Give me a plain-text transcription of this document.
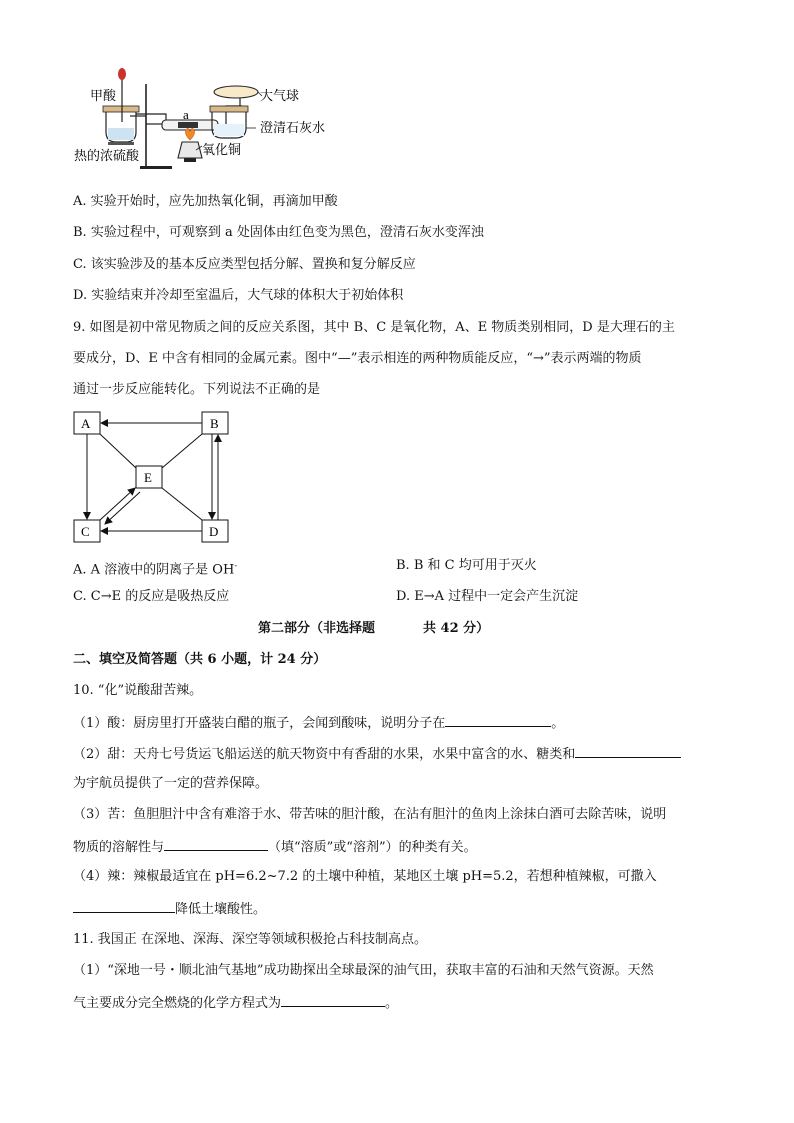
a
甲酸	大气球
澄清石灰水
热的浓硫酸	氧化铜
A. 实验开始时，应先加热氧化铜，再滴加甲酸
B. 实验过程中，可观察到 a 处固体由红色变为黑色，澄清石灰水变浑浊
C. 该实验涉及的基本反应类型包括分解、置换和复分解反应
D. 实验结束并冷却至室温后，大气球的体积大于初始体积
9. 如图是初中常见物质之间的反应关系图，其中 B、C 是氧化物，A、E 物质类别相同，D 是大理石的主
要成分，D、E 中含有相同的金属元素。图中“—”表示相连的两种物质能反应，“→”表示两端的物质
通过一步反应能转化。下列说法不正确的是
A	B
E
C	D
A. A 溶液中的阴离子是 OH-	B. B 和 C 均可用于灭火
C. C→E 的反应是吸热反应	D. E→A 过程中一定会产生沉淀
第二部分（非选择题	共 42 分）
二、填空及简答题（共 6 小题，计 24 分）
10. “化”说酸甜苦辣。
（1）酸：厨房里打开盛装白醋的瓶子，会闻到酸味，说明分子在	。
（2）甜：天舟七号货运飞船运送的航天物资中有香甜的水果，水果中富含的水、糖类和
为宇航员提供了一定的营养保障。
（3）苦：鱼胆胆汁中含有难溶于水、带苦味的胆汁酸，在沾有胆汁的鱼肉上涂抹白酒可去除苦味，说明
物质的溶解性与	（填“溶质”或“溶剂”）的种类有关。
（4）辣：辣椒最适宜在 pH=6.2~7.2 的土壤中种植，某地区土壤 pH=5.2，若想种植辣椒，可撒入
降低土壤酸性。
11. 我国正 在深地、深海、深空等领域积极抢占科技制高点。
（1）“深地一号・顺北油气基地”成功勘探出全球最深的油气田，获取丰富的石油和天然气资源。天然
气主要成分完全燃烧的化学方程式为	。
